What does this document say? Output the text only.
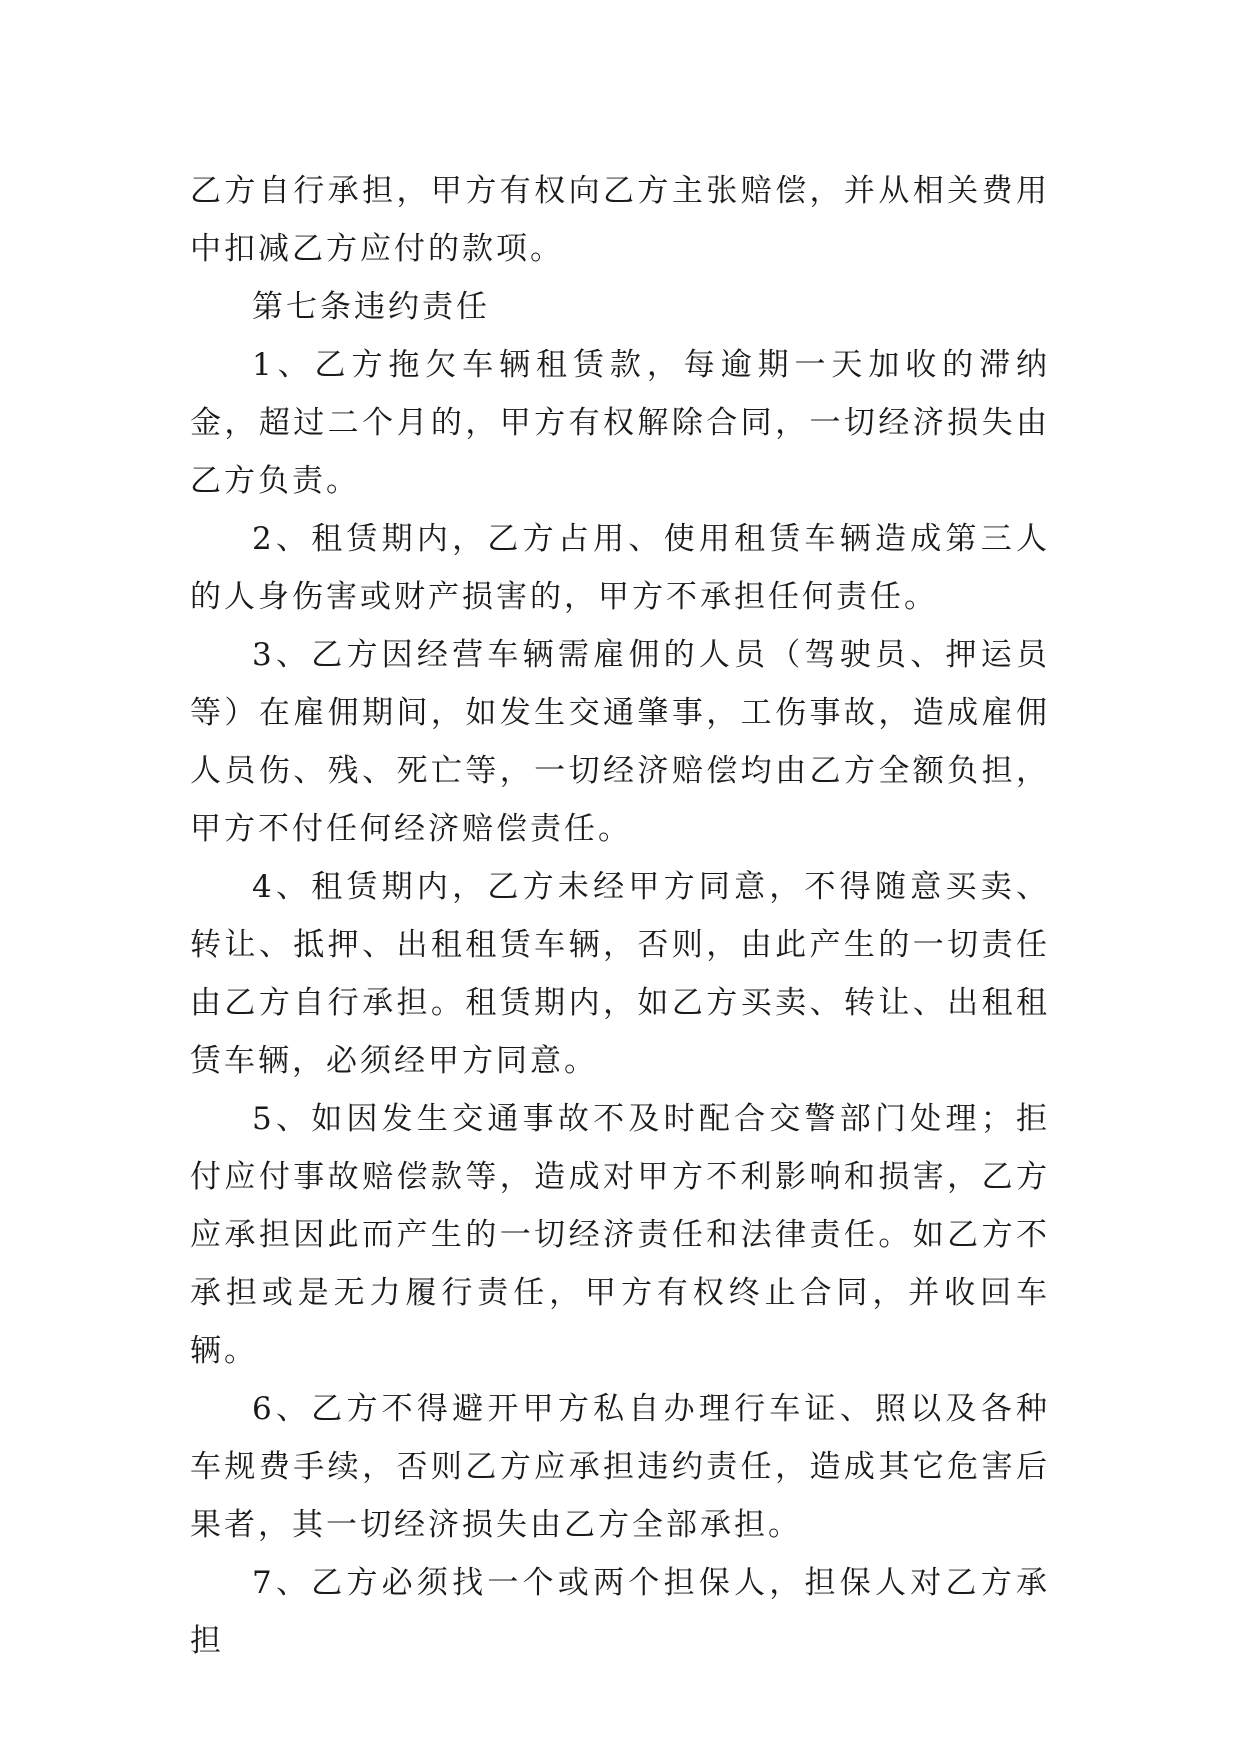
乙方自行承担，甲方有权向乙方主张赔偿，并从相关费用中扣减乙方应付的款项。

第七条违约责任

1、乙方拖欠车辆租赁款，每逾期一天加收的滞纳金，超过二个月的，甲方有权解除合同，一切经济损失由乙方负责。

2、租赁期内，乙方占用、使用租赁车辆造成第三人的人身伤害或财产损害的，甲方不承担任何责任。

3、乙方因经营车辆需雇佣的人员（驾驶员、押运员等）在雇佣期间，如发生交通肇事，工伤事故，造成雇佣人员伤、残、死亡等，一切经济赔偿均由乙方全额负担，甲方不付任何经济赔偿责任。

4、租赁期内，乙方未经甲方同意，不得随意买卖、转让、抵押、出租租赁车辆，否则，由此产生的一切责任由乙方自行承担。租赁期内，如乙方买卖、转让、出租租赁车辆，必须经甲方同意。

5、如因发生交通事故不及时配合交警部门处理；拒付应付事故赔偿款等，造成对甲方不利影响和损害，乙方应承担因此而产生的一切经济责任和法律责任。如乙方不承担或是无力履行责任，甲方有权终止合同，并收回车辆。

6、乙方不得避开甲方私自办理行车证、照以及各种车规费手续，否则乙方应承担违约责任，造成其它危害后果者，其一切经济损失由乙方全部承担。

7、乙方必须找一个或两个担保人，担保人对乙方承担
